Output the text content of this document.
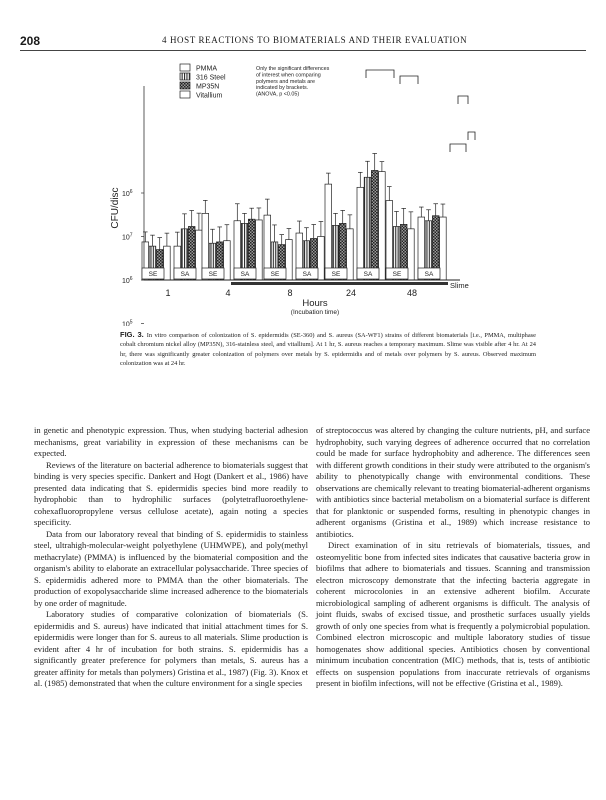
208	4 HOST REACTIONS TO BIOMATERIALS AND THEIR EVALUATION
$10^6$
$10^7$
$10^6$
$10^5$
CFU/disc
Slime
SE	SA
1
SE	SA
4
SE	SA
8
SE	SA
24
SE	SA
48
Hours
(Incubation time)
PMMA
316 Steel
MP35N
Vitallium
Only the significant differences
of interest when comparing
polymers and metals are
indicated by brackets.
(ANOVA, p <0.05)
FIG. 3. In vitro comparison of colonization of S. epidermidis (SE-360) and S. aureus (SA-WF1) strains of different biomaterials [i.e., PMMA, multiphase cobalt chromium nickel alloy (MP35N), 316-stainless steel, and vitallium]. At 1 hr, S. aureus reaches a temporary maximum. Slime was visible after 4 hr. At 24 hr, there was significantly greater colonization of polymers over metals by S. epidermidis and of metals over polymers by S. aureus. Observed maximum colonization was at 24 hr.

in genetic and phenotypic expression. Thus, when studying bacterial adhesion mechanisms, great variability in expression of these mechanisms can be expected.

Reviews of the literature on bacterial adherence to biomaterials suggest that binding is very species specific. Dankert and Hogt (Dankert et al., 1986) have presented data indicating that S. epidermidis species bind more readily to hydrophobic than to hydrophilic surfaces (polytetrafluoroethylene-cohexafluoropropylene versus cellulose acetate), again noting a species specificity.

Data from our laboratory reveal that binding of S. epidermidis to stainless steel, ultrahigh-molecular-weight polyethylene (UHMWPE), and poly(methyl methacrylate) (PMMA) is influenced by the biomaterial composition and the organism's ability to elaborate an extracellular polysaccharide. Three species of S. epidermidis adhered more to PMMA than the other biomaterials. The production of exopolysaccharide slime increased adherence to the biomaterials by one order of magnitude.

Laboratory studies of comparative colonization of biomaterials (S. epidermidis and S. aureus) have indicated that initial attachment times for S. epidermidis were longer than for S. aureus to all materials. Slime production is evident after 4 hr of incubation for both strains. S. epidermidis has a significantly greater preference for polymers than metals, S. aureus has a greater affinity for metals than polymers) Gristina et al., 1987) (Fig. 3). Knox et al. (1985) demonstrated that when the culture environment for a single species

of streptococcus was altered by changing the culture nutrients, pH, and surface hydrophobity, such varying degrees of adherence occurred that no correlation could be made for surface hydrophobity and adherence. The differences seen with different growth conditions in their study were attributed to the organism's ability to phenotypically change with environmental conditions. These observations are chemically relevant to treating biomaterial-adherent organisms with antibiotics since bacterial metabolism on a biomaterial surface is different that for planktonic or suspended forms, resulting in phenotypic changes in adherent organisms (Gristina et al., 1989) which increase resistance to antibiotics.

Direct examination of in situ retrievals of biomaterials, tissues, and osteomyelitic bone from infected sites indicates that causative bacteria grow in biofilms that adhere to biomaterials and tissues. Scanning and transmission electron microscopy demonstrate that the infecting bacteria aggregate in coherent microcolonies in an extensive adherent biofilm. Accurate microbiological sampling of adherent organisms is difficult. The analysis of joint fluids, swabs of excised tissue, and prosthetic surfaces usually yields growth of only one species from what is frequently a polymicrobial population. Combined electron microscopic and multiple laboratory studies of tissue homogenates show additional species. Antibiotics chosen by conventional minimum incubation concentration (MIC) methods, that is, tests of antibiotic effects on suspension populations from inaccurate retrievals of organisms present in biofilm infections, will not be effective (Gristina et al., 1989).
